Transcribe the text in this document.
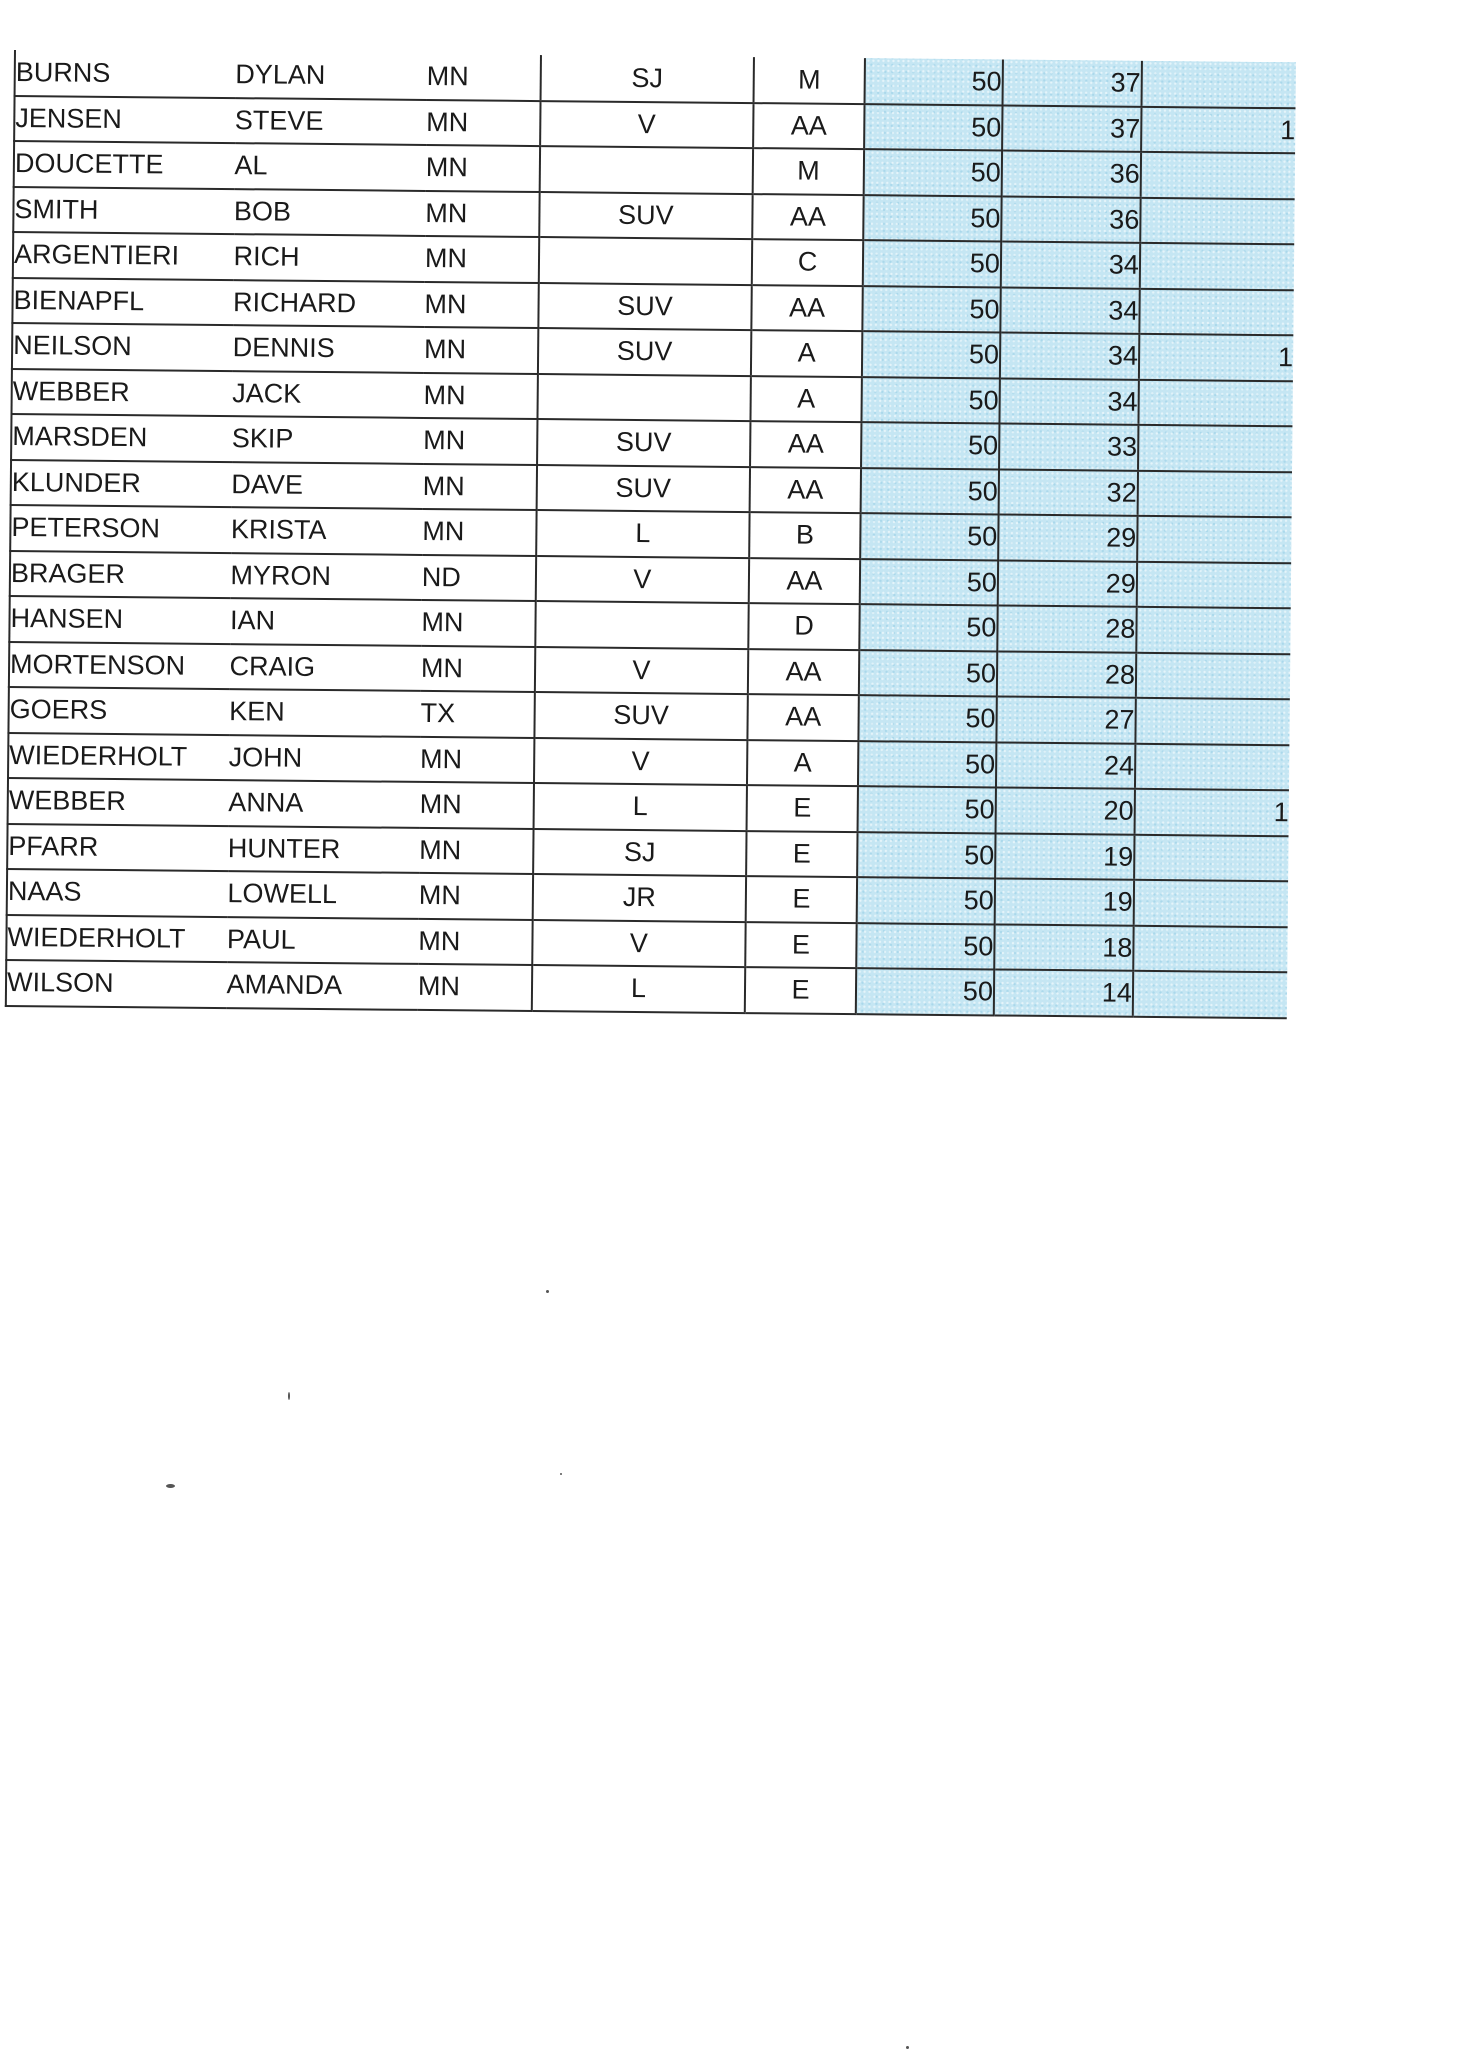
BURNS	DYLAN	MN	SJ	M	50	37	
JENSEN	STEVE	MN	V	AA	50	37	1
DOUCETTE	AL	MN		M	50	36	
SMITH	BOB	MN	SUV	AA	50	36	
ARGENTIERI	RICH	MN		C	50	34	
BIENAPFL	RICHARD	MN	SUV	AA	50	34	
NEILSON	DENNIS	MN	SUV	A	50	34	1
WEBBER	JACK	MN		A	50	34	
MARSDEN	SKIP	MN	SUV	AA	50	33	
KLUNDER	DAVE	MN	SUV	AA	50	32	
PETERSON	KRISTA	MN	L	B	50	29	
BRAGER	MYRON	ND	V	AA	50	29	
HANSEN	IAN	MN		D	50	28	
MORTENSON	CRAIG	MN	V	AA	50	28	
GOERS	KEN	TX	SUV	AA	50	27	
WIEDERHOLT	JOHN	MN	V	A	50	24	
WEBBER	ANNA	MN	L	E	50	20	1
PFARR	HUNTER	MN	SJ	E	50	19	
NAAS	LOWELL	MN	JR	E	50	19	
WIEDERHOLT	PAUL	MN	V	E	50	18	
WILSON	AMANDA	MN	L	E	50	14	
